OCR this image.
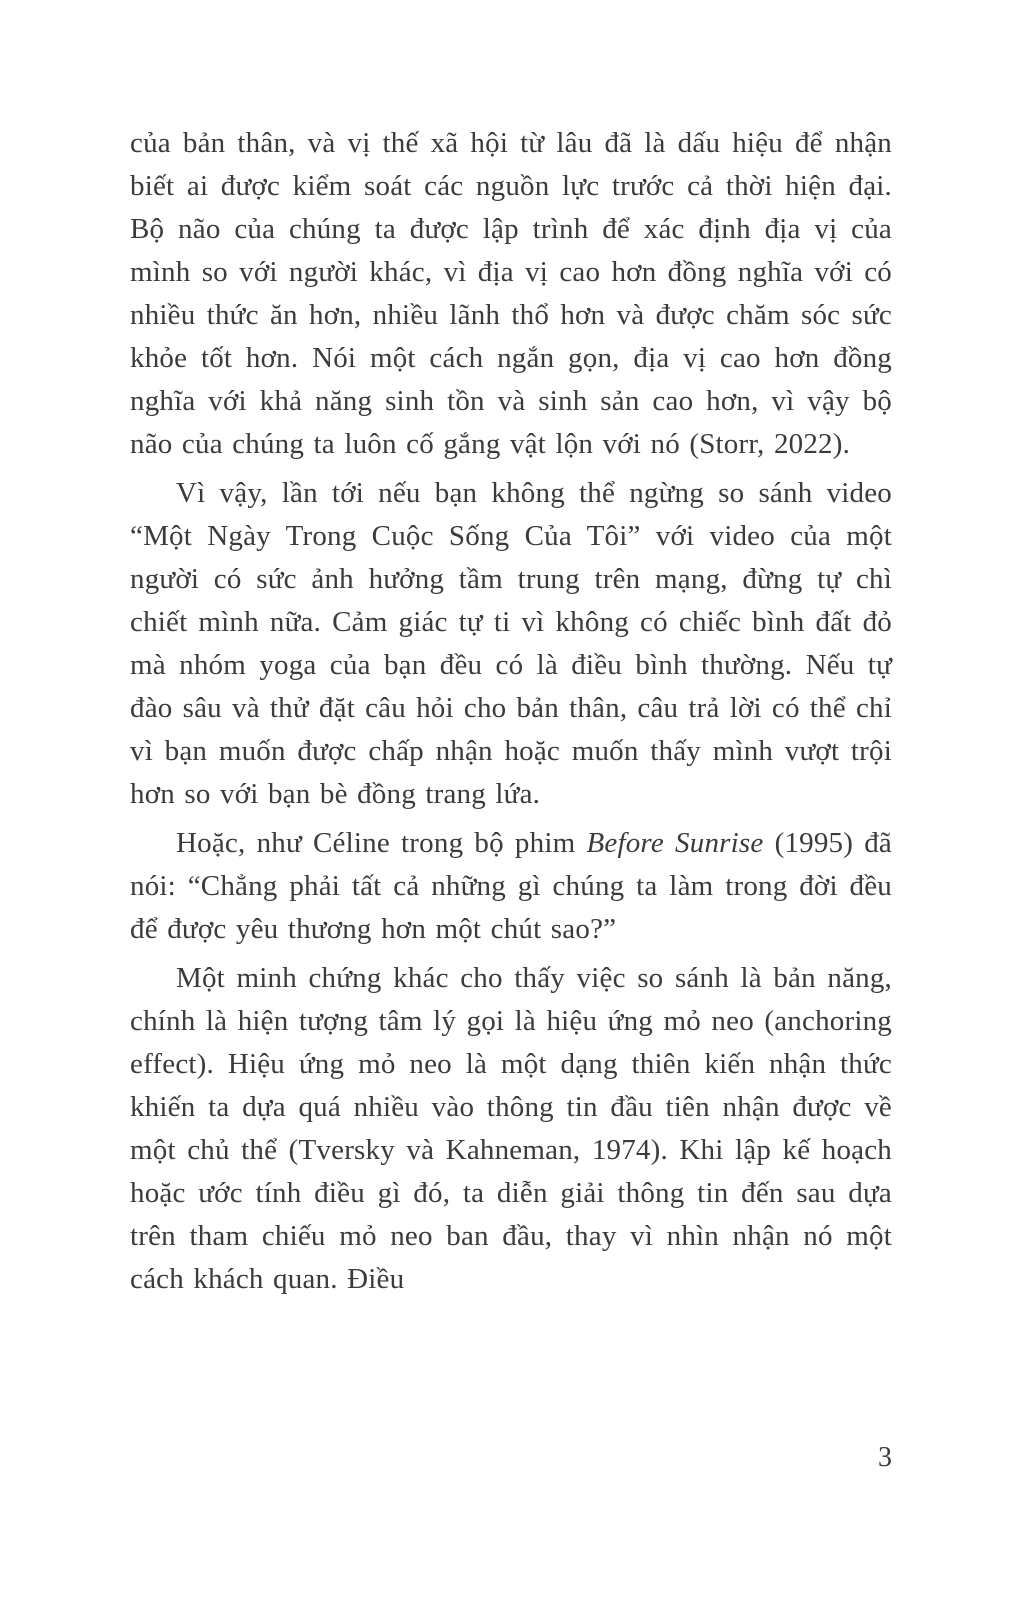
của bản thân, và vị thế xã hội từ lâu đã là dấu hiệu để nhận biết ai được kiểm soát các nguồn lực trước cả thời hiện đại. Bộ não của chúng ta được lập trình để xác định địa vị của mình so với người khác, vì địa vị cao hơn đồng nghĩa với có nhiều thức ăn hơn, nhiều lãnh thổ hơn và được chăm sóc sức khỏe tốt hơn. Nói một cách ngắn gọn, địa vị cao hơn đồng nghĩa với khả năng sinh tồn và sinh sản cao hơn, vì vậy bộ não của chúng ta luôn cố gắng vật lộn với nó (Storr, 2022).

Vì vậy, lần tới nếu bạn không thể ngừng so sánh video “Một Ngày Trong Cuộc Sống Của Tôi” với video của một người có sức ảnh hưởng tầm trung trên mạng, đừng tự chì chiết mình nữa. Cảm giác tự ti vì không có chiếc bình đất đỏ mà nhóm yoga của bạn đều có là điều bình thường. Nếu tự đào sâu và thử đặt câu hỏi cho bản thân, câu trả lời có thể chỉ vì bạn muốn được chấp nhận hoặc muốn thấy mình vượt trội hơn so với bạn bè đồng trang lứa.

Hoặc, như Céline trong bộ phim Before Sunrise (1995) đã nói: “Chẳng phải tất cả những gì chúng ta làm trong đời đều để được yêu thương hơn một chút sao?”

Một minh chứng khác cho thấy việc so sánh là bản năng, chính là hiện tượng tâm lý gọi là hiệu ứng mỏ neo (anchoring effect). Hiệu ứng mỏ neo là một dạng thiên kiến nhận thức khiến ta dựa quá nhiều vào thông tin đầu tiên nhận được về một chủ thể (Tversky và Kahneman, 1974). Khi lập kế hoạch hoặc ước tính điều gì đó, ta diễn giải thông tin đến sau dựa trên tham chiếu mỏ neo ban đầu, thay vì nhìn nhận nó một cách khách quan. Điều

3
